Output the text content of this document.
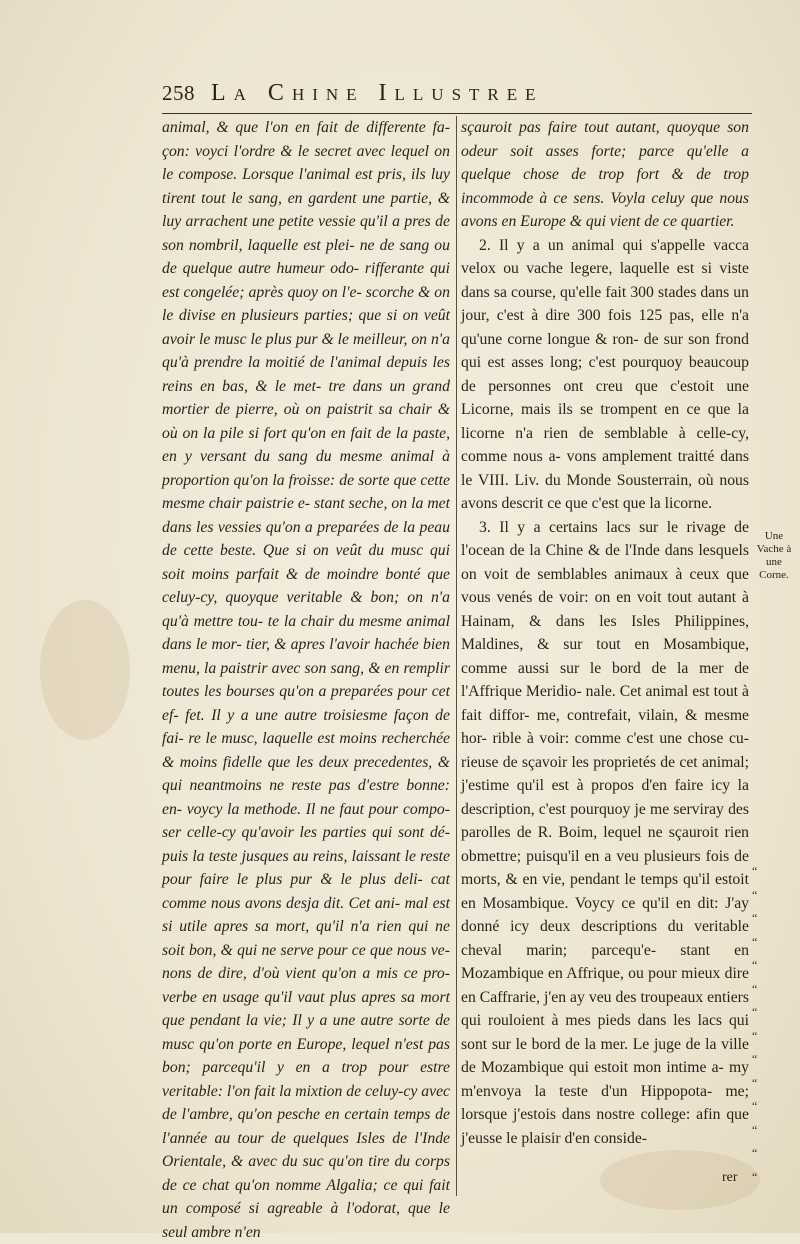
258 La Chine Illustree

animal, & que l'on en fait de differente fa- çon: voyci l'ordre & le secret avec lequel on le compose. Lorsque l'animal est pris, ils luy tirent tout le sang, en gardent une partie, & luy arrachent une petite vessie qu'il a pres de son nombril, laquelle est plei- ne de sang ou de quelque autre humeur odo- rifferante qui est congelée; après quoy on l'e- scorche & on le divise en plusieurs parties; que si on veût avoir le musc le plus pur & le meilleur, on n'a qu'à prendre la moitié de l'animal depuis les reins en bas, & le met- tre dans un grand mortier de pierre, où on paistrit sa chair & où on la pile si fort qu'on en fait de la paste, en y versant du sang du mesme animal à proportion qu'on la froisse: de sorte que cette mesme chair paistrie e- stant seche, on la met dans les vessies qu'on a preparées de la peau de cette beste. Que si on veût du musc qui soit moins parfait & de moindre bonté que celuy-cy, quoyque veritable & bon; on n'a qu'à mettre tou- te la chair du mesme animal dans le mor- tier, & apres l'avoir hachée bien menu, la paistrir avec son sang, & en remplir toutes les bourses qu'on a preparées pour cet ef- fet. Il y a une autre troisiesme façon de fai- re le musc, laquelle est moins recherchée & moins fidelle que les deux precedentes, & qui neantmoins ne reste pas d'estre bonne: en- voycy la methode. Il ne faut pour compo- ser celle-cy qu'avoir les parties qui sont dé- puis la teste jusques au reins, laissant le reste pour faire le plus pur & le plus deli- cat comme nous avons desja dit. Cet ani- mal est si utile apres sa mort, qu'il n'a rien qui ne soit bon, & qui ne serve pour ce que nous ve- nons de dire, d'où vient qu'on a mis ce pro- verbe en usage qu'il vaut plus apres sa mort que pendant la vie; Il y a une autre sorte de musc qu'on porte en Europe, lequel n'est pas bon; parcequ'il y en a trop pour estre veritable: l'on fait la mixtion de celuy-cy avec de l'ambre, qu'on pesche en certain temps de l'année au tour de quelques Isles de l'Inde Orientale, & avec du suc qu'on tire du corps de ce chat qu'on nomme Algalia; ce qui fait un composé si agreable à l'odorat, que le seul ambre n'en

sçauroit pas faire tout autant, quoyque son odeur soit asses forte; parce qu'elle a quelque chose de trop fort & de trop incommode à ce sens. Voyla celuy que nous avons en Europe & qui vient de ce quartier.

2. Il y a un animal qui s'appelle vacca velox ou vache legere, laquelle est si viste dans sa course, qu'elle fait 300 stades dans un jour, c'est à dire 300 fois 125 pas, elle n'a qu'une corne longue & ron- de sur son frond qui est asses long; c'est pourquoy beaucoup de personnes ont creu que c'estoit une Licorne, mais ils se trompent en ce que la licorne n'a rien de semblable à celle-cy, comme nous a- vons amplement traitté dans le VIII. Liv. du Monde Sousterrain, où nous avons descrit ce que c'est que la licorne.

3. Il y a certains lacs sur le rivage de l'ocean de la Chine & de l'Inde dans lesquels on voit de semblables animaux à ceux que vous venés de voir: on en voit tout autant à Hainam, & dans les Isles Philippines, Maldines, & sur tout en Mosambique, comme aussi sur le bord de la mer de l'Affrique Meridio- nale. Cet animal est tout à fait diffor- me, contrefait, vilain, & mesme hor- rible à voir: comme c'est une chose cu- rieuse de sçavoir les proprietés de cet animal; j'estime qu'il est à propos d'en faire icy la description, c'est pourquoy je me serviray des parolles de R. Boim, lequel ne sçauroit rien obmettre; puisqu'il en a veu plusieurs fois de morts, & en vie, pendant le temps qu'il estoit en Mosambique. Voycy ce qu'il en dit: J'ay donné icy deux descriptions du veritable cheval marin; parcequ'e- stant en Mozambique en Affrique, ou pour mieux dire en Caffrarie, j'en ay veu des troupeaux entiers qui rouloient à mes pieds dans les lacs qui sont sur le bord de la mer. Le juge de la ville de Mozambique qui estoit mon intime a- my m'envoya la teste d'un Hippopota- me; lorsque j'estois dans nostre college: afin que j'eusse le plaisir d'en conside-

Une Vache à une Corne.
“
“
“
“
“
“
“
“
“
“
“
“
“
“
rer
